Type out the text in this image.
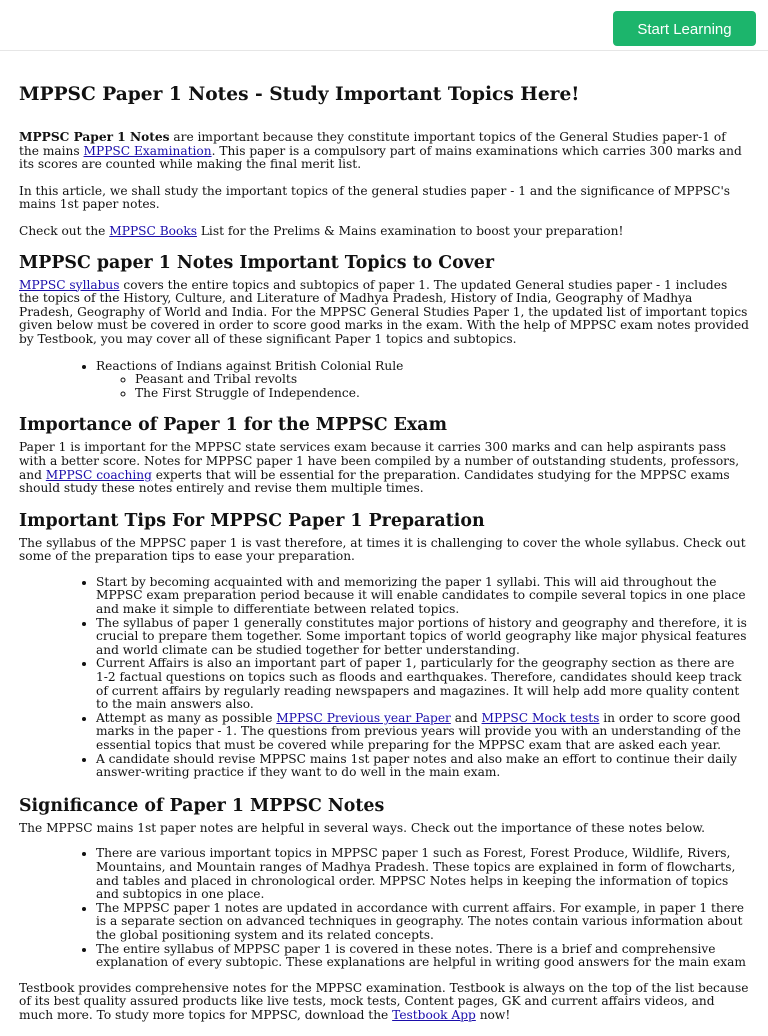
Start Learning
MPPSC Paper 1 Notes - Study Important Topics Here!

MPPSC Paper 1 Notes are important because they constitute important topics of the General Studies paper-1 of the mains MPPSC Examination. This paper is a compulsory part of mains examinations which carries 300 marks and its scores are counted while making the final merit list.

In this article, we shall study the important topics of the general studies paper - 1 and the significance of MPPSC's mains 1st paper notes.

Check out the MPPSC Books List for the Prelims & Mains examination to boost your preparation!

MPPSC paper 1 Notes Important Topics to Cover

MPPSC syllabus covers the entire topics and subtopics of paper 1. The updated General studies paper - 1 includes the topics of the History, Culture, and Literature of Madhya Pradesh, History of India, Geography of Madhya Pradesh, Geography of World and India. For the MPPSC General Studies Paper 1, the updated list of important topics given below must be covered in order to score good marks in the exam. With the help of MPPSC exam notes provided by Testbook, you may cover all of these significant Paper 1 topics and subtopics.

• Reactions of Indians against British Colonial Rule
◦ Peasant and Tribal revolts
◦ The First Struggle of Independence.
Importance of Paper 1 for the MPPSC Exam

Paper 1 is important for the MPPSC state services exam because it carries 300 marks and can help aspirants pass with a better score. Notes for MPPSC paper 1 have been compiled by a number of outstanding students, professors, and MPPSC coaching experts that will be essential for the preparation. Candidates studying for the MPPSC exams should study these notes entirely and revise them multiple times.

Important Tips For MPPSC Paper 1 Preparation

The syllabus of the MPPSC paper 1 is vast therefore, at times it is challenging to cover the whole syllabus. Check out some of the preparation tips to ease your preparation.

• Start by becoming acquainted with and memorizing the paper 1 syllabi. This will aid throughout the MPPSC exam preparation period because it will enable candidates to compile several topics in one place and make it simple to differentiate between related topics.
• The syllabus of paper 1 generally constitutes major portions of history and geography and therefore, it is crucial to prepare them together. Some important topics of world geography like major physical features and world climate can be studied together for better understanding.
• Current Affairs is also an important part of paper 1, particularly for the geography section as there are 1-2 factual questions on topics such as floods and earthquakes. Therefore, candidates should keep track of current affairs by regularly reading newspapers and magazines. It will help add more quality content to the main answers also.
• Attempt as many as possible MPPSC Previous year Paper and MPPSC Mock tests in order to score good marks in the paper - 1. The questions from previous years will provide you with an understanding of the essential topics that must be covered while preparing for the MPPSC exam that are asked each year.
• A candidate should revise MPPSC mains 1st paper notes and also make an effort to continue their daily answer-writing practice if they want to do well in the main exam.
Significance of Paper 1 MPPSC Notes

The MPPSC mains 1st paper notes are helpful in several ways. Check out the importance of these notes below.

• There are various important topics in MPPSC paper 1 such as Forest, Forest Produce, Wildlife, Rivers, Mountains, and Mountain ranges of Madhya Pradesh. These topics are explained in form of flowcharts, and tables and placed in chronological order. MPPSC Notes helps in keeping the information of topics and subtopics in one place.
• The MPPSC paper 1 notes are updated in accordance with current affairs. For example, in paper 1 there is a separate section on advanced techniques in geography. The notes contain various information about the global positioning system and its related concepts.
• The entire syllabus of MPPSC paper 1 is covered in these notes. There is a brief and comprehensive explanation of every subtopic. These explanations are helpful in writing good answers for the main exam

Testbook provides comprehensive notes for the MPPSC examination. Testbook is always on the top of the list because of its best quality assured products like live tests, mock tests, Content pages, GK and current affairs videos, and much more. To study more topics for MPPSC, download the Testbook App now!
